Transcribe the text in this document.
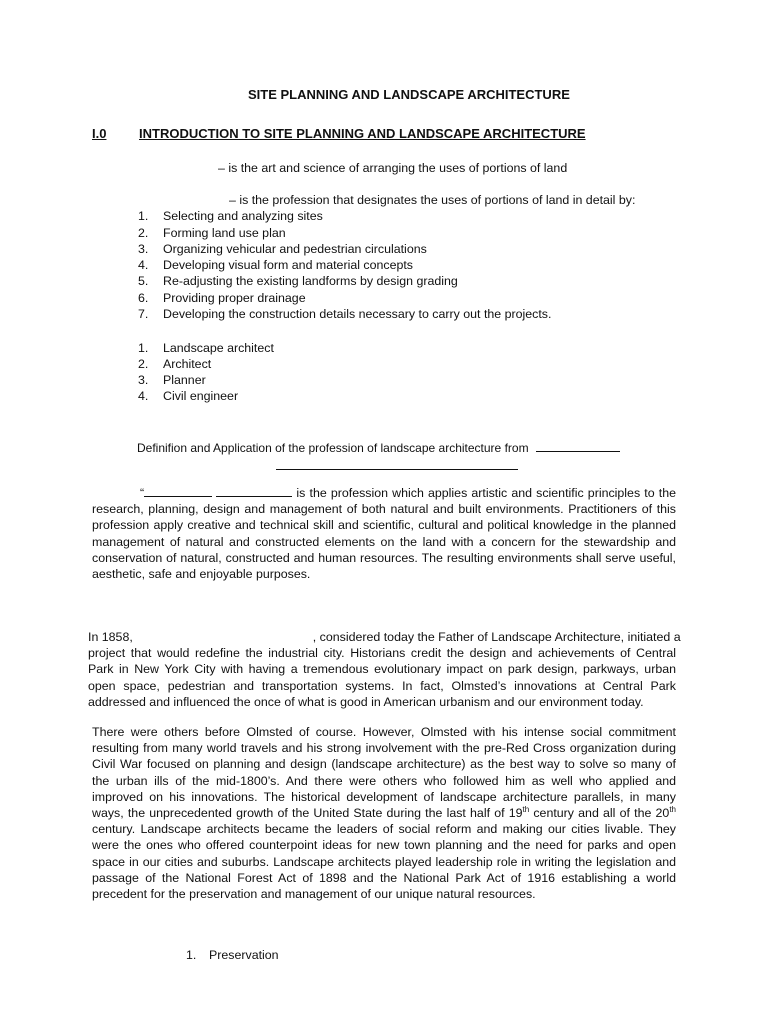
SITE PLANNING AND LANDSCAPE ARCHITECTURE
I.0	INTRODUCTION TO SITE PLANNING AND LANDSCAPE ARCHITECTURE
– is the art and science of arranging the uses of portions of land
– is the profession that designates the uses of portions of land in detail by:
1. Selecting and analyzing sites
2. Forming land use plan
3. Organizing vehicular and pedestrian circulations
4. Developing visual form and material concepts
5. Re-adjusting the existing landforms by design grading
6. Providing proper drainage
7. Developing the construction details necessary to carry out the projects.
1. Landscape architect
2. Architect
3. Planner
4. Civil engineer
Definifion and Application of the profession of landscape architecture from
“	is the profession which applies artistic and scientific principles to the
research, planning, design and management of both natural and built environments. Practitioners of this
profession apply creative and technical skill and scientific, cultural and political knowledge in the planned
management of natural and constructed elements on the land with a concern for the stewardship and
conservation of natural, constructed and human resources. The resulting environments shall serve useful,
aesthetic, safe and enjoyable purposes.
In 1858,	, considered today the Father of Landscape Architecture, initiated a
project that would redefine the industrial city. Historians credit the design and achievements of Central
Park in New York City with having a tremendous evolutionary impact on park design, parkways, urban
open space, pedestrian and transportation systems. In fact, Olmsted’s innovations at Central Park
addressed and influenced the once of what is good in American urbanism and our environment today.
There were others before Olmsted of course. However, Olmsted with his intense social commitment
resulting from many world travels and his strong involvement with the pre-Red Cross organization during
Civil War focused on planning and design (landscape architecture) as the best way to solve so many of
the urban ills of the mid-1800’s. And there were others who followed him as well who applied and
improved on his innovations. The historical development of landscape architecture parallels, in many
ways, the unprecedented growth of the United State during the last half of 19th century and all of the 20th
century. Landscape architects became the leaders of social reform and making our cities livable. They
were the ones who offered counterpoint ideas for new town planning and the need for parks and open
space in our cities and suburbs. Landscape architects played leadership role in writing the legislation and
passage of the National Forest Act of 1898 and the National Park Act of 1916 establishing a world
precedent for the preservation and management of our unique natural resources.
1. Preservation
